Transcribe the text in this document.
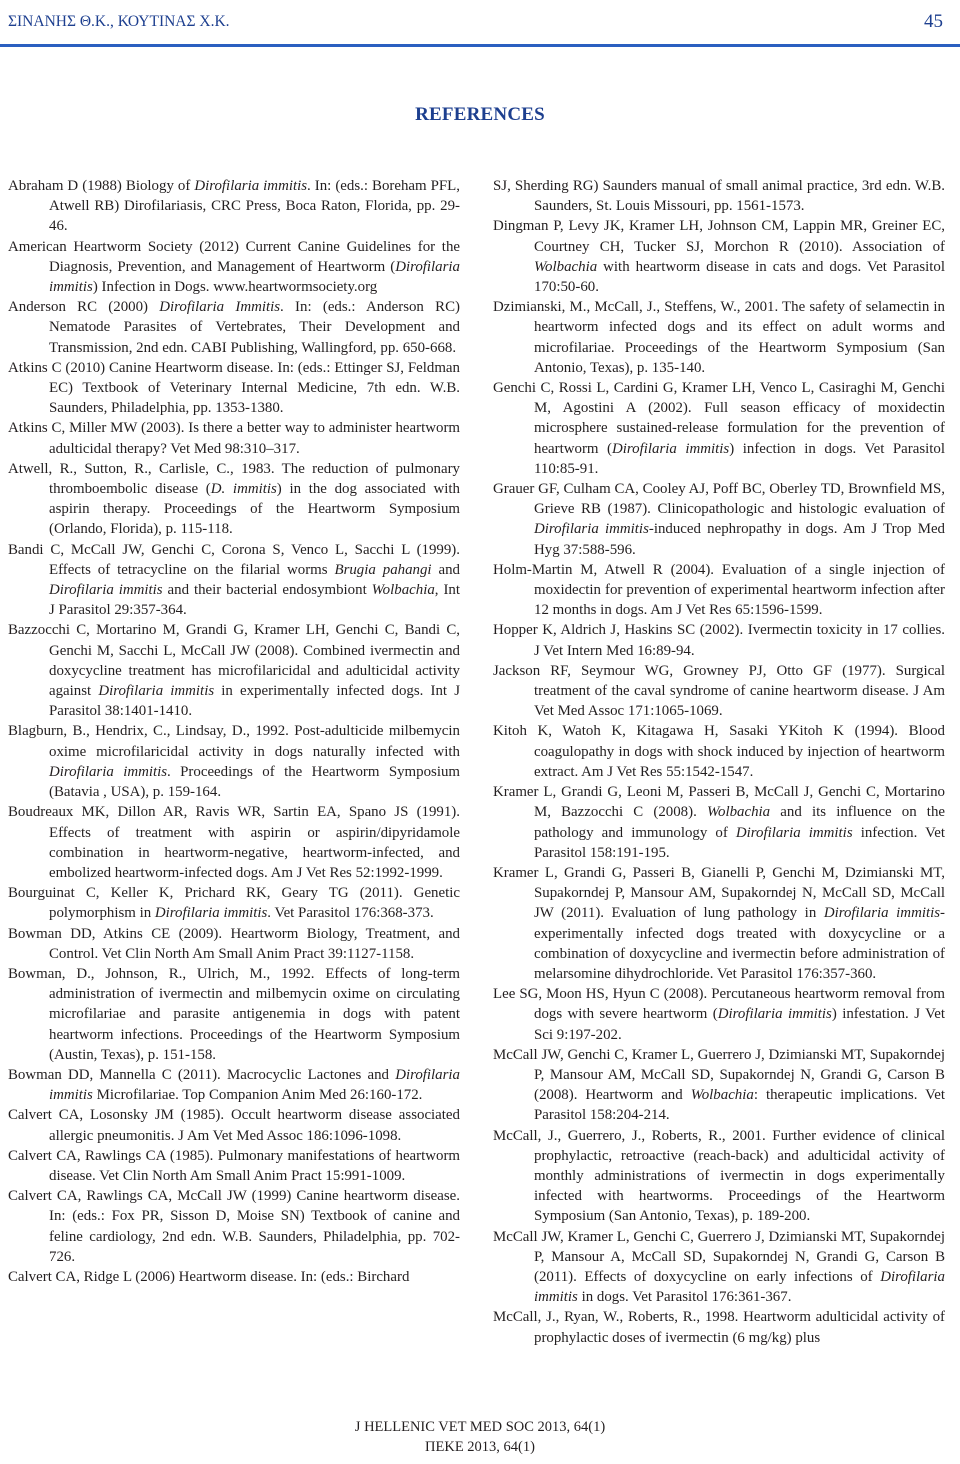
ΣΙΝΑΝΗΣ Θ.Κ., ΚΟΥΤΙΝΑΣ Χ.Κ.	45
REFERENCES

Abraham D (1988) Biology of Dirofilaria immitis. In: (eds.: Boreham PFL, Atwell RB) Dirofilariasis, CRC Press, Boca Raton, Florida, pp. 29-46.

American Heartworm Society (2012) Current Canine Guidelines for the Diagnosis, Prevention, and Management of Heartworm (Dirofilaria immitis) Infection in Dogs. www.heartwormsociety.org

Anderson RC (2000) Dirofilaria Immitis. In: (eds.: Anderson RC) Nematode Parasites of Vertebrates, Their Development and Transmission, 2nd edn. CABI Publishing, Wallingford, pp. 650-668.

Atkins C (2010) Canine Heartworm disease. In: (eds.: Ettinger SJ, Feldman EC) Textbook of Veterinary Internal Medicine, 7th edn. W.B. Saunders, Philadelphia, pp. 1353-1380.

Atkins C, Miller MW (2003). Is there a better way to administer heartworm adulticidal therapy? Vet Med 98:310–317.

Atwell, R., Sutton, R., Carlisle, C., 1983. The reduction of pulmonary thromboembolic disease (D. immitis) in the dog associated with aspirin therapy. Proceedings of the Heartworm Symposium (Orlando, Florida), p. 115-118.

Bandi C, McCall JW, Genchi C, Corona S, Venco L, Sacchi L (1999). Effects of tetracycline on the filarial worms Brugia pahangi and Dirofilaria immitis and their bacterial endosymbiont Wolbachia, Int J Parasitol 29:357-364.

Bazzocchi C, Mortarino M, Grandi G, Kramer LH, Genchi C, Bandi C, Genchi M, Sacchi L, McCall JW (2008). Combined ivermectin and doxycycline treatment has microfilaricidal and adulticidal activity against Dirofilaria immitis in experimentally infected dogs. Int J Parasitol 38:1401-1410.

Blagburn, B., Hendrix, C., Lindsay, D., 1992. Post-adulticide milbemycin oxime microfilaricidal activity in dogs naturally infected with Dirofilaria immitis. Proceedings of the Heartworm Symposium (Batavia , USA), p. 159-164.

Boudreaux MK, Dillon AR, Ravis WR, Sartin EA, Spano JS (1991). Effects of treatment with aspirin or aspirin/dipyridamole combination in heartworm-negative, heartworm-infected, and embolized heartworm-infected dogs. Am J Vet Res 52:1992-1999.

Bourguinat C, Keller K, Prichard RK, Geary TG (2011). Genetic polymorphism in Dirofilaria immitis. Vet Parasitol 176:368-373.

Bowman DD, Atkins CE (2009). Heartworm Biology, Treatment, and Control. Vet Clin North Am Small Anim Pract 39:1127-1158.

Bowman, D., Johnson, R., Ulrich, M., 1992. Effects of long-term administration of ivermectin and milbemycin oxime on circulating microfilariae and parasite antigenemia in dogs with patent heartworm infections. Proceedings of the Heartworm Symposium (Austin, Texas), p. 151-158.

Bowman DD, Mannella C (2011). Macrocyclic Lactones and Dirofilaria immitis Microfilariae. Top Companion Anim Med 26:160-172.

Calvert CA, Losonsky JM (1985). Occult heartworm disease associated allergic pneumonitis. J Am Vet Med Assoc 186:1096-1098.

Calvert CA, Rawlings CA (1985). Pulmonary manifestations of heartworm disease. Vet Clin North Am Small Anim Pract 15:991-1009.

Calvert CA, Rawlings CA, McCall JW (1999) Canine heartworm disease. In: (eds.: Fox PR, Sisson D, Moise SN) Textbook of canine and feline cardiology, 2nd edn. W.B. Saunders, Philadelphia, pp. 702-726.

Calvert CA, Ridge L (2006) Heartworm disease. In: (eds.: Birchard

SJ, Sherding RG) Saunders manual of small animal practice, 3rd edn. W.B. Saunders, St. Louis Missouri, pp. 1561-1573.

Dingman P, Levy JK, Kramer LH, Johnson CM, Lappin MR, Greiner EC, Courtney CH, Tucker SJ, Morchon R (2010). Association of Wolbachia with heartworm disease in cats and dogs. Vet Parasitol 170:50-60.

Dzimianski, M., McCall, J., Steffens, W., 2001. The safety of selamectin in heartworm infected dogs and its effect on adult worms and microfilariae. Proceedings of the Heartworm Symposium (San Antonio, Texas), p. 135-140.

Genchi C, Rossi L, Cardini G, Kramer LH, Venco L, Casiraghi M, Genchi M, Agostini A (2002). Full season efficacy of moxidectin microsphere sustained-release formulation for the prevention of heartworm (Dirofilaria immitis) infection in dogs. Vet Parasitol 110:85-91.

Grauer GF, Culham CA, Cooley AJ, Poff BC, Oberley TD, Brownfield MS, Grieve RB (1987). Clinicopathologic and histologic evaluation of Dirofilaria immitis-induced nephropathy in dogs. Am J Trop Med Hyg 37:588-596.

Holm-Martin M, Atwell R (2004). Evaluation of a single injection of moxidectin for prevention of experimental heartworm infection after 12 months in dogs. Am J Vet Res 65:1596-1599.

Hopper K, Aldrich J, Haskins SC (2002). Ivermectin toxicity in 17 collies. J Vet Intern Med 16:89-94.

Jackson RF, Seymour WG, Growney PJ, Otto GF (1977). Surgical treatment of the caval syndrome of canine heartworm disease. J Am Vet Med Assoc 171:1065-1069.

Kitoh K, Watoh K, Kitagawa H, Sasaki YKitoh K (1994). Blood coagulopathy in dogs with shock induced by injection of heartworm extract. Am J Vet Res 55:1542-1547.

Kramer L, Grandi G, Leoni M, Passeri B, McCall J, Genchi C, Mortarino M, Bazzocchi C (2008). Wolbachia and its influence on the pathology and immunology of Dirofilaria immitis infection. Vet Parasitol 158:191-195.

Kramer L, Grandi G, Passeri B, Gianelli P, Genchi M, Dzimianski MT, Supakorndej P, Mansour AM, Supakorndej N, McCall SD, McCall JW (2011). Evaluation of lung pathology in Dirofilaria immitis-experimentally infected dogs treated with doxycycline or a combination of doxycycline and ivermectin before administration of melarsomine dihydrochloride. Vet Parasitol 176:357-360.

Lee SG, Moon HS, Hyun C (2008). Percutaneous heartworm removal from dogs with severe heartworm (Dirofilaria immitis) infestation. J Vet Sci 9:197-202.

McCall JW, Genchi C, Kramer L, Guerrero J, Dzimianski MT, Supakorndej P, Mansour AM, McCall SD, Supakorndej N, Grandi G, Carson B (2008). Heartworm and Wolbachia: therapeutic implications. Vet Parasitol 158:204-214.

McCall, J., Guerrero, J., Roberts, R., 2001. Further evidence of clinical prophylactic, retroactive (reach-back) and adulticidal activity of monthly administrations of ivermectin in dogs experimentally infected with heartworms. Proceedings of the Heartworm Symposium (San Antonio, Texas), p. 189-200.

McCall JW, Kramer L, Genchi C, Guerrero J, Dzimianski MT, Supakorndej P, Mansour A, McCall SD, Supakorndej N, Grandi G, Carson B (2011). Effects of doxycycline on early infections of Dirofilaria immitis in dogs. Vet Parasitol 176:361-367.

McCall, J., Ryan, W., Roberts, R., 1998. Heartworm adulticidal activity of prophylactic doses of ivermectin (6 mg/kg) plus

J HELLENIC VET MED SOC 2013, 64(1)
ΠΕΚΕ 2013, 64(1)
